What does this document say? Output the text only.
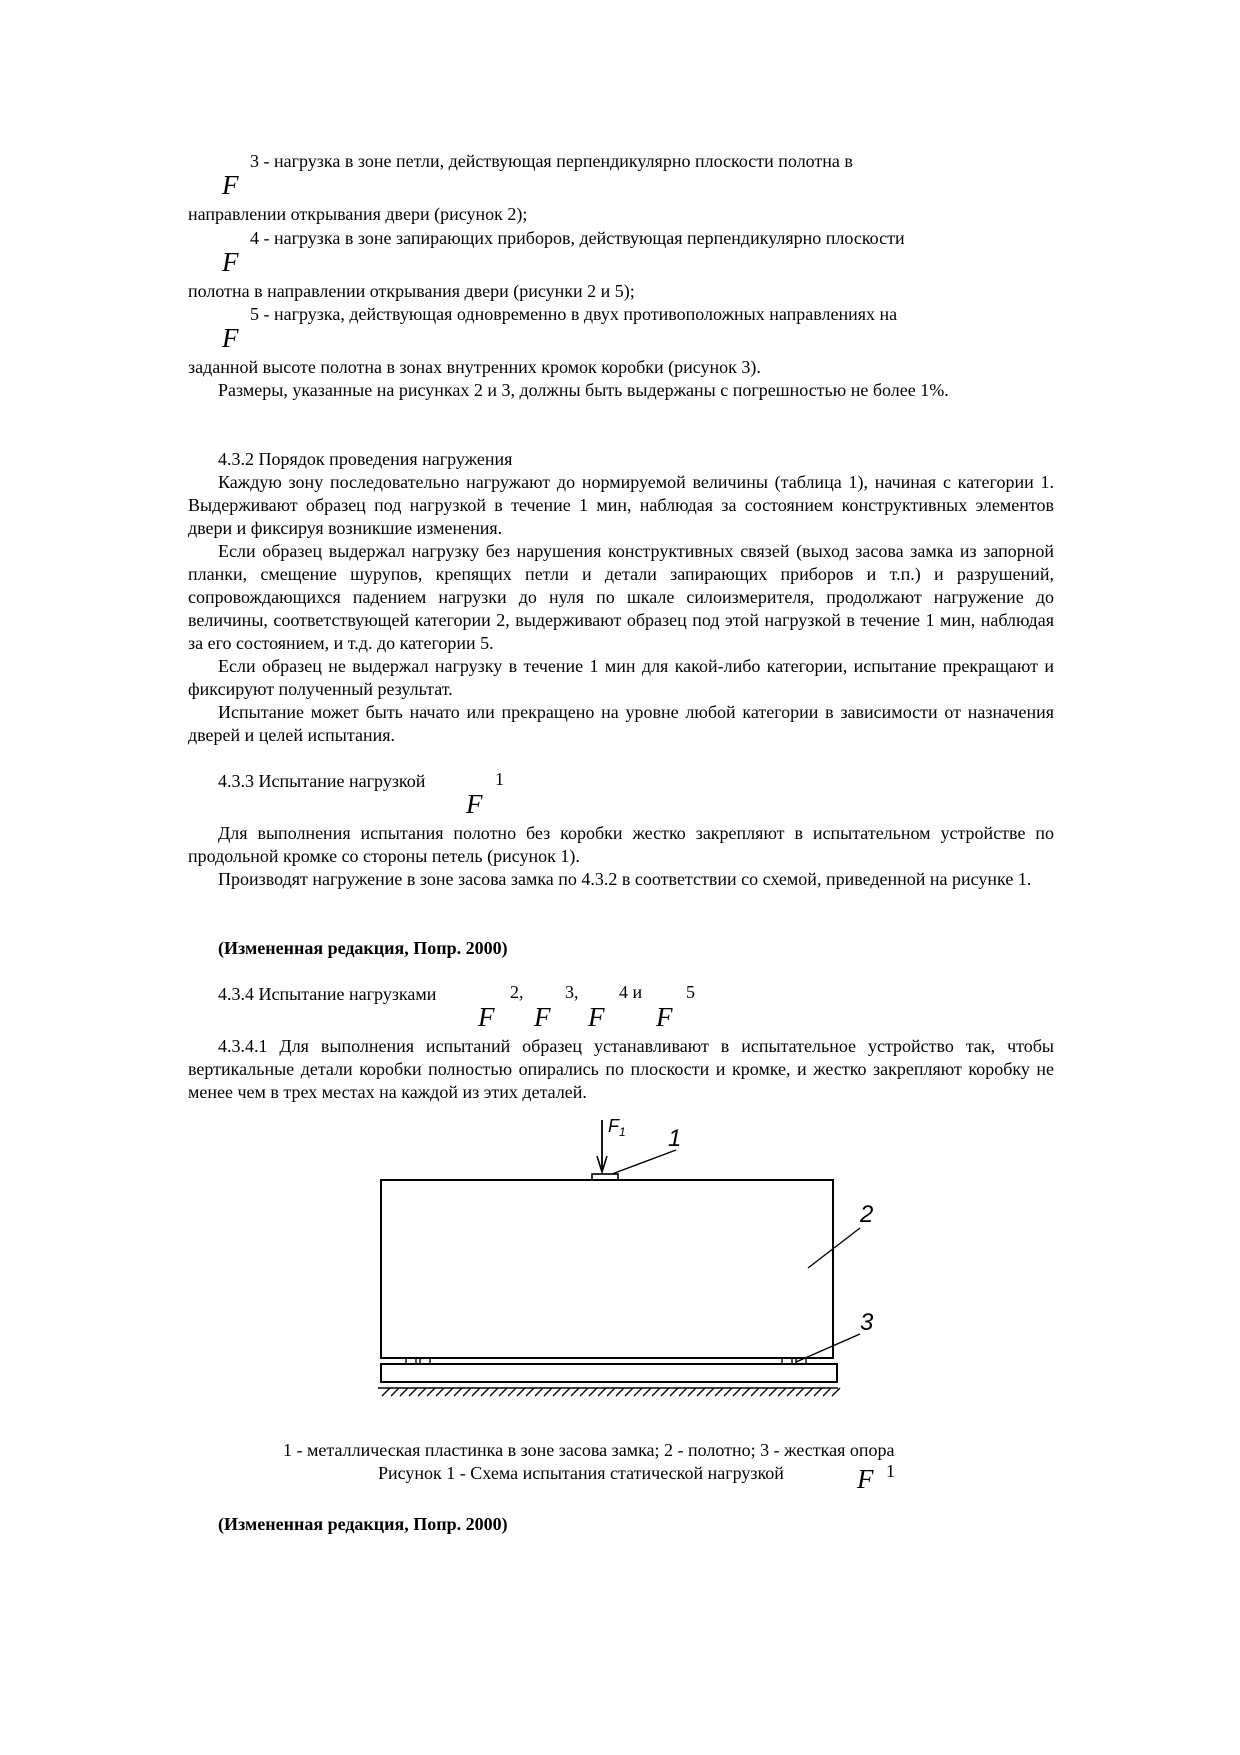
3 - нагрузка в зоне петли, действующая перпендикулярно плоскости полотна в

F

направлении открывания двери (рисунок 2);

4 - нагрузка в зоне запирающих приборов, действующая перпендикулярно плоскости

F

полотна в направлении открывания двери (рисунки 2 и 5);

5 - нагрузка, действующая одновременно в двух противоположных направлениях на

F

заданной высоте полотна в зонах внутренних кромок коробки (рисунок 3).

Размеры, указанные на рисунках 2 и 3, должны быть выдержаны с погрешностью не более 1%.

4.3.2 Порядок проведения нагружения

Каждую зону последовательно нагружают до нормируемой величины (таблица 1), начиная с категории 1. Выдерживают образец под нагрузкой в течение 1 мин, наблюдая за состоянием конструктивных элементов двери и фиксируя возникшие изменения.

Если образец выдержал нагрузку без нарушения конструктивных связей (выход засова замка из запорной планки, смещение шурупов, крепящих петли и детали запирающих приборов и т.п.) и разрушений, сопровождающихся падением нагрузки до нуля по шкале силоизмерителя, продолжают нагружение до величины, соответствующей категории 2, выдерживают образец под этой нагрузкой в течение 1 мин, наблюдая за его состоянием, и т.д. до категории 5.

Если образец не выдержал нагрузку в течение 1 мин для какой-либо категории, испытание прекращают и фиксируют полученный результат.

Испытание может быть начато или прекращено на уровне любой категории в зависимости от назначения дверей и целей испытания.

4.3.3 Испытание нагрузкой	1

F

Для выполнения испытания полотно без коробки жестко закрепляют в испытательном устройстве по продольной кромке со стороны петель (рисунок 1).

Производят нагружение в зоне засова замка по 4.3.2 в соответствии со схемой, приведенной на рисунке 1.

(Измененная редакция, Попр. 2000)

4.3.4 Испытание нагрузками	2, 3, 4 и 5

F F F F

4.3.4.1 Для выполнения испытаний образец устанавливают в испытательное устройство так, чтобы вертикальные детали коробки полностью опирались по плоскости и кромке, и жестко закрепляют коробку не менее чем в трех местах на каждой из этих деталей.

F 1 1
2
3

1 - металлическая пластинка в зоне засова замка; 2 - полотно; 3 - жесткая опора

Рисунок 1 - Схема испытания статической нагрузкой	1

F

(Измененная редакция, Попр. 2000)
